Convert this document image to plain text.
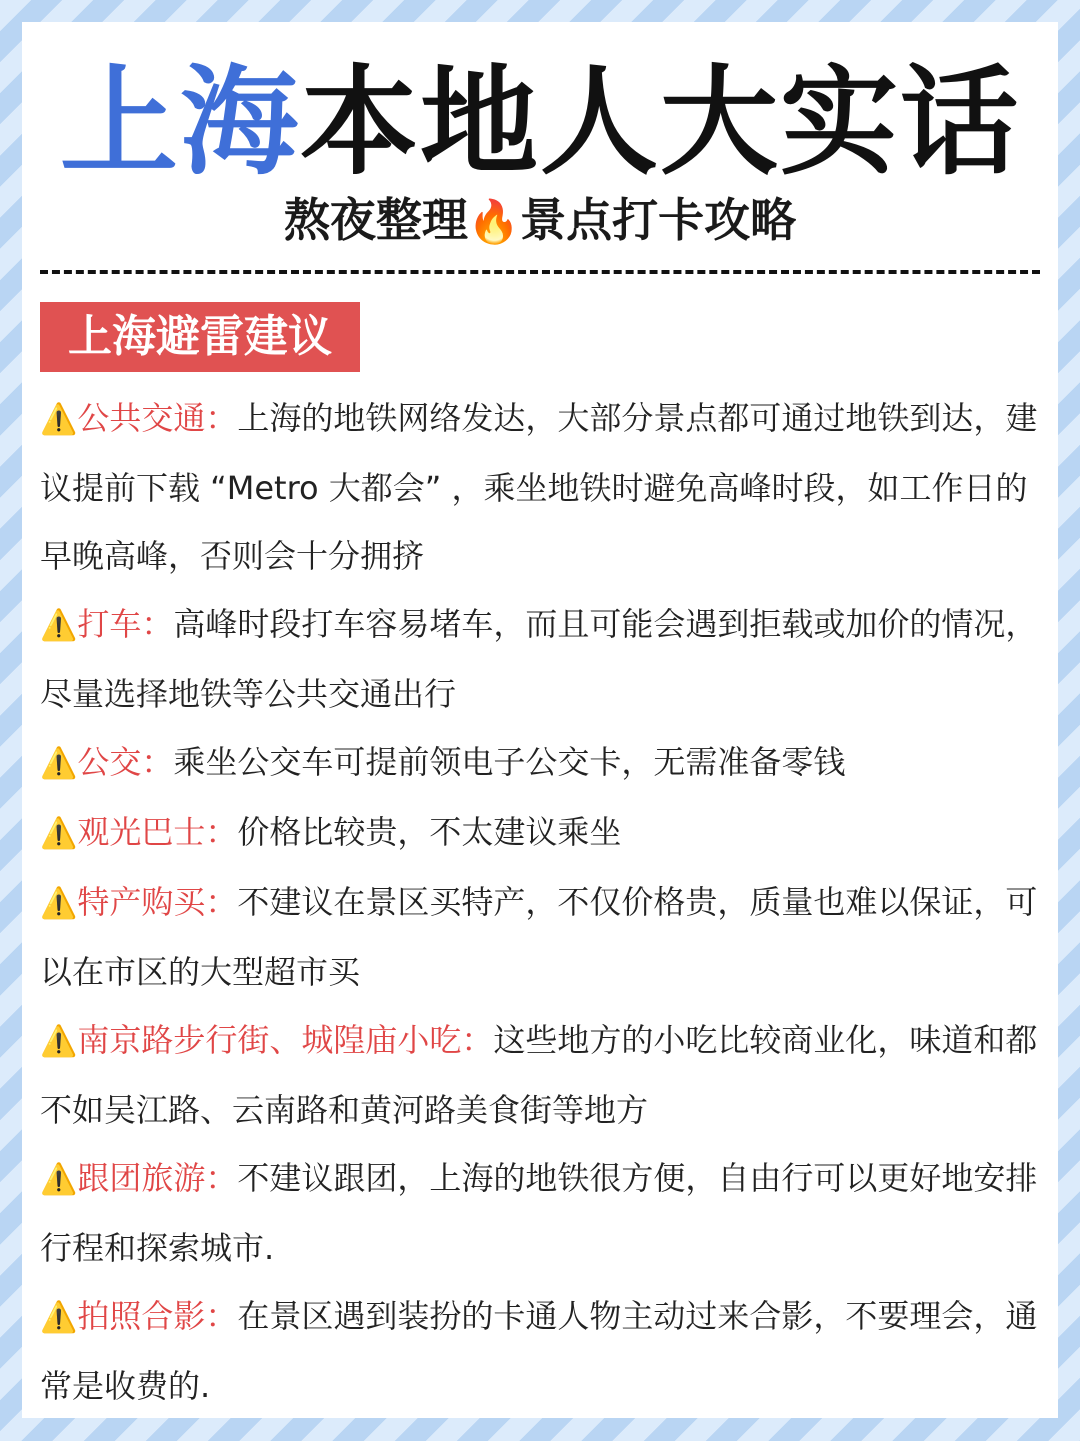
上海本地人大实话
熬夜整理🔥景点打卡攻略
上海避雷建议

⚠️公共交通：上海的地铁网络发达，大部分景点都可通过地铁到达，建议提前下载 “Metro 大都会” ，乘坐地铁时避免高峰时段，如工作日的早晚高峰，否则会十分拥挤

⚠️打车：高峰时段打车容易堵车，而且可能会遇到拒载或加价的情况，尽量选择地铁等公共交通出行

⚠️公交：乘坐公交车可提前领电子公交卡，无需准备零钱

⚠️观光巴士：价格比较贵，不太建议乘坐

⚠️特产购买：不建议在景区买特产，不仅价格贵，质量也难以保证，可以在市区的大型超市买

⚠️南京路步行街、城隍庙小吃：这些地方的小吃比较商业化，味道和都不如吴江路、云南路和黄河路美食街等地方

⚠️跟团旅游：不建议跟团，上海的地铁很方便，自由行可以更好地安排行程和探索城市.

⚠️拍照合影：在景区遇到装扮的卡通人物主动过来合影，不要理会，通常是收费的.
